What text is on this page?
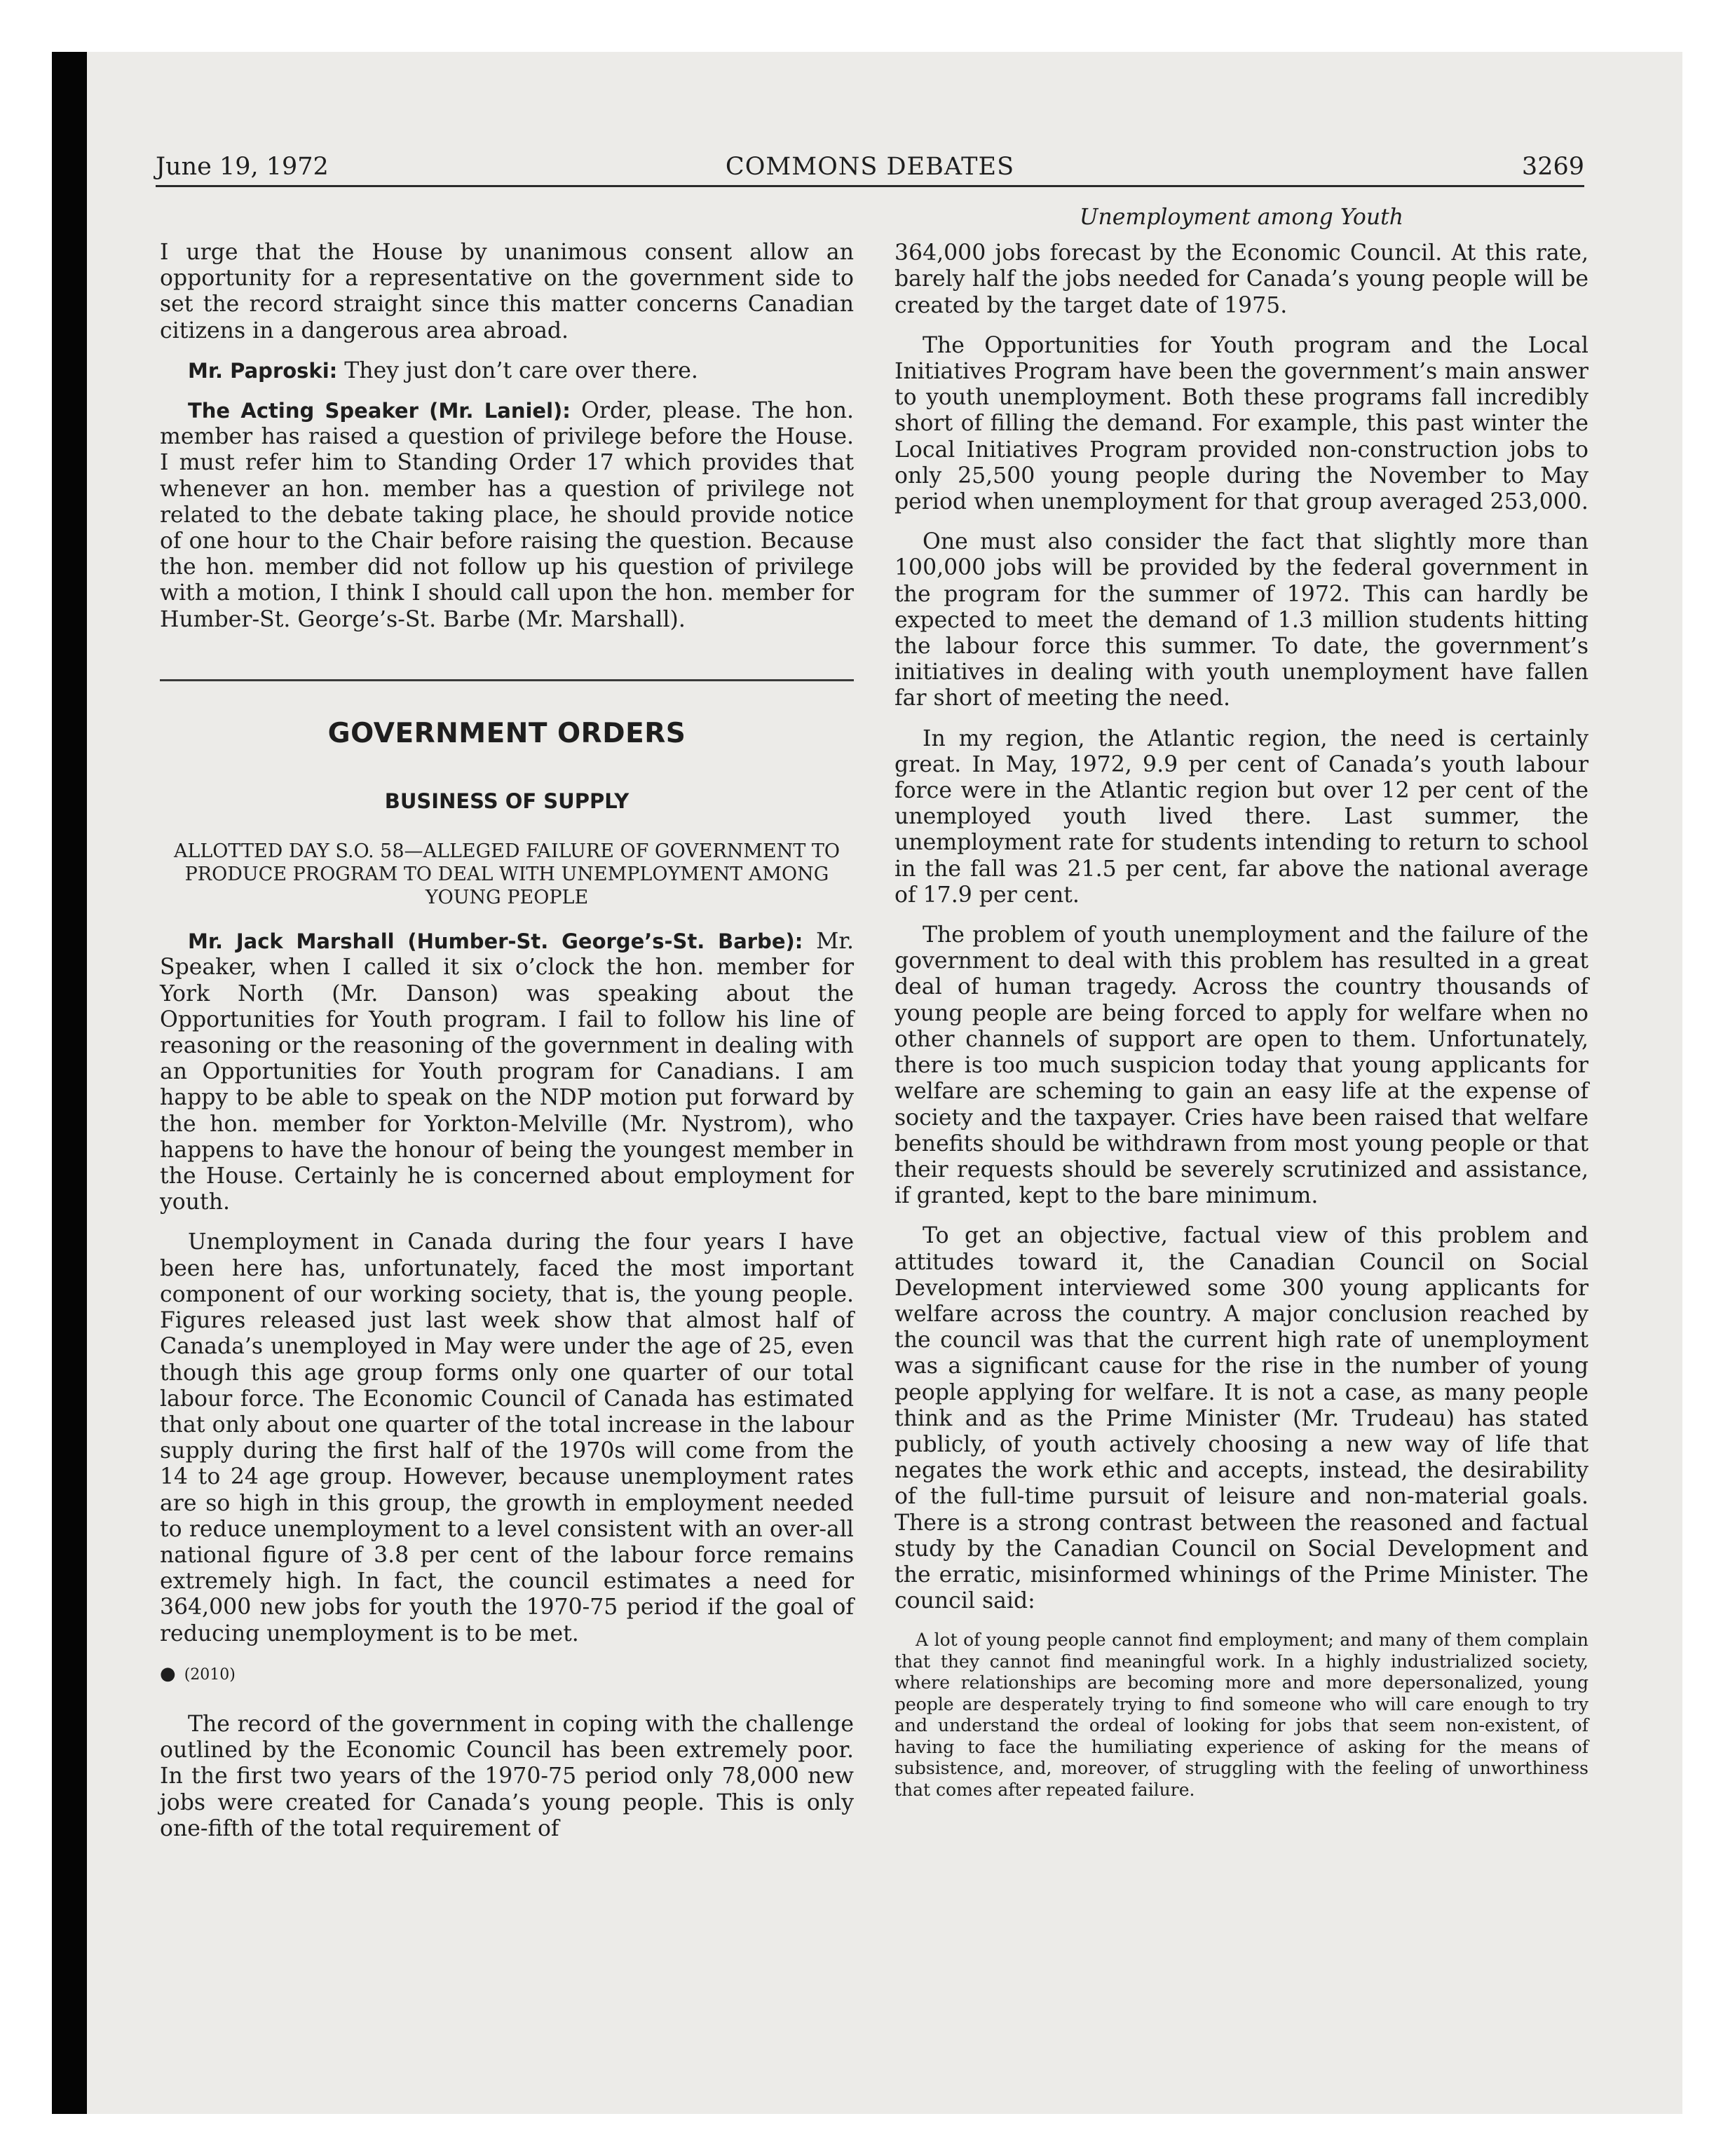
June 19, 1972	COMMONS DEBATES	3269

I urge that the House by unanimous consent allow an opportunity for a representative on the government side to set the record straight since this matter concerns Canadian citizens in a dangerous area abroad.

Mr. Paproski: They just don’t care over there.

The Acting Speaker (Mr. Laniel): Order, please. The hon. member has raised a question of privilege before the House. I must refer him to Standing Order 17 which provides that whenever an hon. member has a question of privilege not related to the debate taking place, he should provide notice of one hour to the Chair before raising the question. Because the hon. member did not follow up his question of privilege with a motion, I think I should call upon the hon. member for Humber-St. George’s-St. Barbe (Mr. Marshall).

GOVERNMENT ORDERS
BUSINESS OF SUPPLY
ALLOTTED DAY S.O. 58—ALLEGED FAILURE OF GOVERNMENT TO PRODUCE PROGRAM TO DEAL WITH UNEMPLOYMENT AMONG YOUNG PEOPLE

Mr. Jack Marshall (Humber-St. George’s-St. Barbe): Mr. Speaker, when I called it six o’clock the hon. member for York North (Mr. Danson) was speaking about the Opportunities for Youth program. I fail to follow his line of reasoning or the reasoning of the government in dealing with an Opportunities for Youth program for Canadians. I am happy to be able to speak on the NDP motion put forward by the hon. member for Yorkton-Melville (Mr. Nystrom), who happens to have the honour of being the youngest member in the House. Certainly he is concerned about employment for youth.

Unemployment in Canada during the four years I have been here has, unfortunately, faced the most important component of our working society, that is, the young people. Figures released just last week show that almost half of Canada’s unemployed in May were under the age of 25, even though this age group forms only one quarter of our total labour force. The Economic Council of Canada has estimated that only about one quarter of the total increase in the labour supply during the first half of the 1970s will come from the 14 to 24 age group. However, because unemployment rates are so high in this group, the growth in employment needed to reduce unemployment to a level consistent with an over-all national figure of 3.8 per cent of the labour force remains extremely high. In fact, the council estimates a need for 364,000 new jobs for youth the 1970-75 period if the goal of reducing unemployment is to be met.

● (2010)

The record of the government in coping with the challenge outlined by the Economic Council has been extremely poor. In the first two years of the 1970-75 period only 78,000 new jobs were created for Canada’s young people. This is only one-fifth of the total requirement of

Unemployment among Youth

364,000 jobs forecast by the Economic Council. At this rate, barely half the jobs needed for Canada’s young people will be created by the target date of 1975.

The Opportunities for Youth program and the Local Initiatives Program have been the government’s main answer to youth unemployment. Both these programs fall incredibly short of filling the demand. For example, this past winter the Local Initiatives Program provided non-construction jobs to only 25,500 young people during the November to May period when unemployment for that group averaged 253,000.

One must also consider the fact that slightly more than 100,000 jobs will be provided by the federal government in the program for the summer of 1972. This can hardly be expected to meet the demand of 1.3 million students hitting the labour force this summer. To date, the government’s initiatives in dealing with youth unemployment have fallen far short of meeting the need.

In my region, the Atlantic region, the need is certainly great. In May, 1972, 9.9 per cent of Canada’s youth labour force were in the Atlantic region but over 12 per cent of the unemployed youth lived there. Last summer, the unemployment rate for students intending to return to school in the fall was 21.5 per cent, far above the national average of 17.9 per cent.

The problem of youth unemployment and the failure of the government to deal with this problem has resulted in a great deal of human tragedy. Across the country thousands of young people are being forced to apply for welfare when no other channels of support are open to them. Unfortunately, there is too much suspicion today that young applicants for welfare are scheming to gain an easy life at the expense of society and the taxpayer. Cries have been raised that welfare benefits should be withdrawn from most young people or that their requests should be severely scrutinized and assistance, if granted, kept to the bare minimum.

To get an objective, factual view of this problem and attitudes toward it, the Canadian Council on Social Development interviewed some 300 young applicants for welfare across the country. A major conclusion reached by the council was that the current high rate of unemployment was a significant cause for the rise in the number of young people applying for welfare. It is not a case, as many people think and as the Prime Minister (Mr. Trudeau) has stated publicly, of youth actively choosing a new way of life that negates the work ethic and accepts, instead, the desirability of the full-time pursuit of leisure and non-material goals. There is a strong contrast between the reasoned and factual study by the Canadian Council on Social Development and the erratic, misinformed whinings of the Prime Minister. The council said:

A lot of young people cannot find employment; and many of them complain that they cannot find meaningful work. In a highly industrialized society, where relationships are becoming more and more depersonalized, young people are desperately trying to find someone who will care enough to try and understand the ordeal of looking for jobs that seem non-existent, of having to face the humiliating experience of asking for the means of subsistence, and, moreover, of struggling with the feeling of unworthiness that comes after repeated failure.
